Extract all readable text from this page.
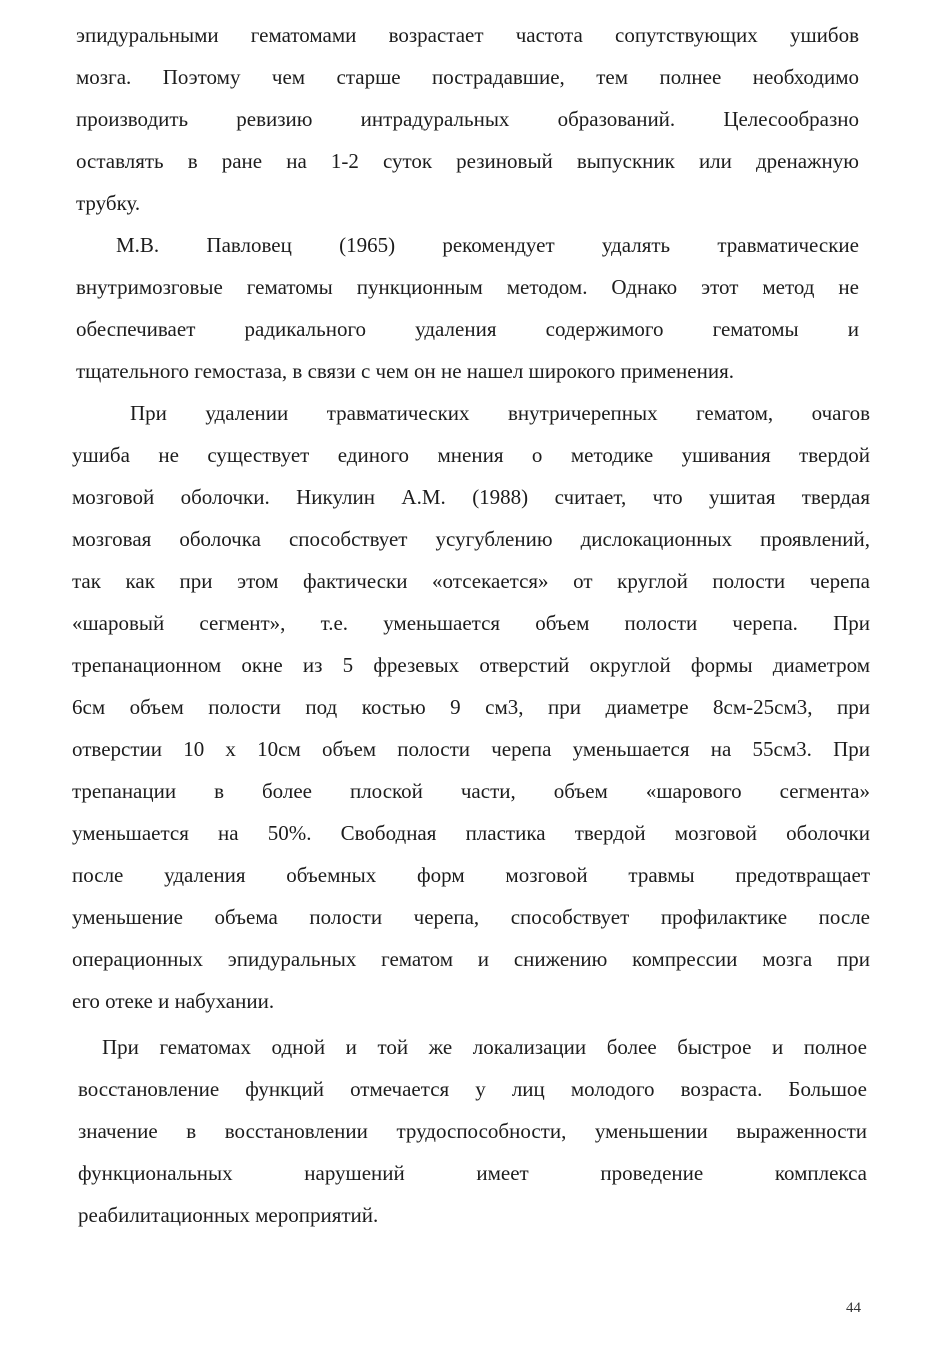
эпидуральными гематомами возрастает частота сопутствующих ушибов
мозга. Поэтому чем старше пострадавшие, тем полнее необходимо
производить ревизию интрадуральных образований. Целесообразно
оставлять в ране на 1-2 суток резиновый выпускник или дренажную
трубку.
М.В. Павловец (1965) рекомендует удалять травматические
внутримозговые гематомы пункционным методом. Однако этот метод не
обеспечивает радикального удаления содержимого гематомы и
тщательного гемостаза, в связи с чем он не нашел широкого применения.
При удалении травматических внутричерепных гематом, очагов
ушиба не существует единого мнения о методике ушивания твердой
мозговой оболочки. Никулин А.М. (1988) считает, что ушитая твердая
мозговая оболочка способствует усугублению дислокационных проявлений,
так как при этом фактически «отсекается» от круглой полости черепа
«шаровый сегмент», т.е. уменьшается объем полости черепа. При
трепанационном окне из 5 фрезевых отверстий округлой формы диаметром
6см объем полости под костью 9 см3, при диаметре 8см-25см3, при
отверстии 10 х 10см объем полости черепа уменьшается на 55см3. При
трепанации в более плоской части, объем «шарового сегмента»
уменьшается на 50%. Свободная пластика твердой мозговой оболочки
после удаления объемных форм мозговой травмы предотвращает
уменьшение объема полости черепа, способствует профилактике после
операционных эпидуральных гематом и снижению компрессии мозга при
его отеке и набухании.
При гематомах одной и той же локализации более быстрое и полное
восстановление функций отмечается у лиц молодого возраста. Большое
значение в восстановлении трудоспособности, уменьшении выраженности
функциональных нарушений имеет проведение комплекса
реабилитационных мероприятий.
44
